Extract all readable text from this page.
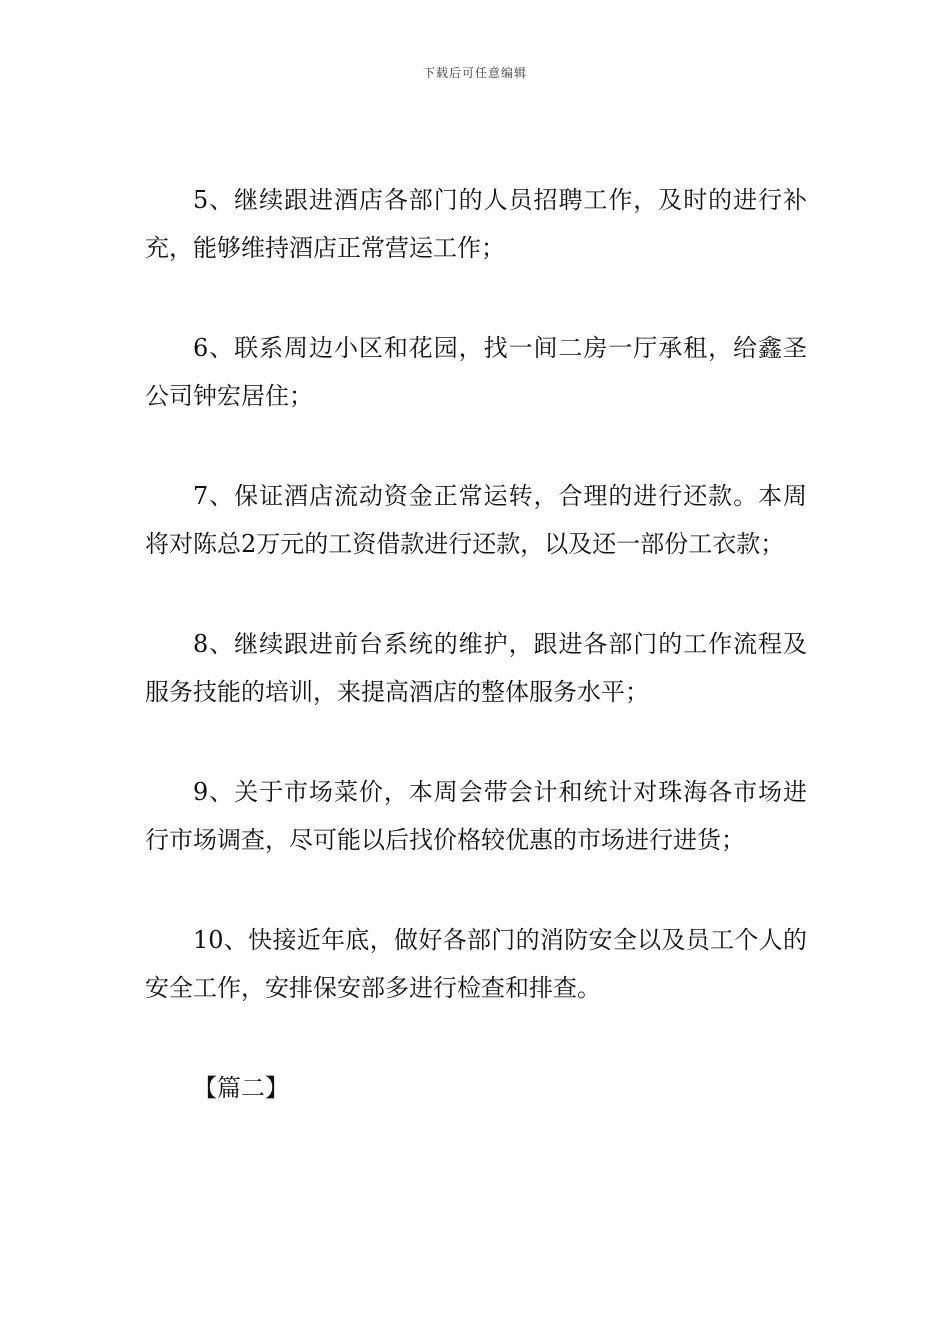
下载后可任意编辑

5、继续跟进酒店各部门的人员招聘工作，及时的进行补充，能够维持酒店正常营运工作；

6、联系周边小区和花园，找一间二房一厅承租，给鑫圣公司钟宏居住；

7、保证酒店流动资金正常运转，合理的进行还款。本周将对陈总2万元的工资借款进行还款，以及还一部份工衣款；

8、继续跟进前台系统的维护，跟进各部门的工作流程及服务技能的培训，来提高酒店的整体服务水平；

9、关于市场菜价，本周会带会计和统计对珠海各市场进行市场调查，尽可能以后找价格较优惠的市场进行进货；

10、快接近年底，做好各部门的消防安全以及员工个人的安全工作，安排保安部多进行检查和排查。

【篇二】
